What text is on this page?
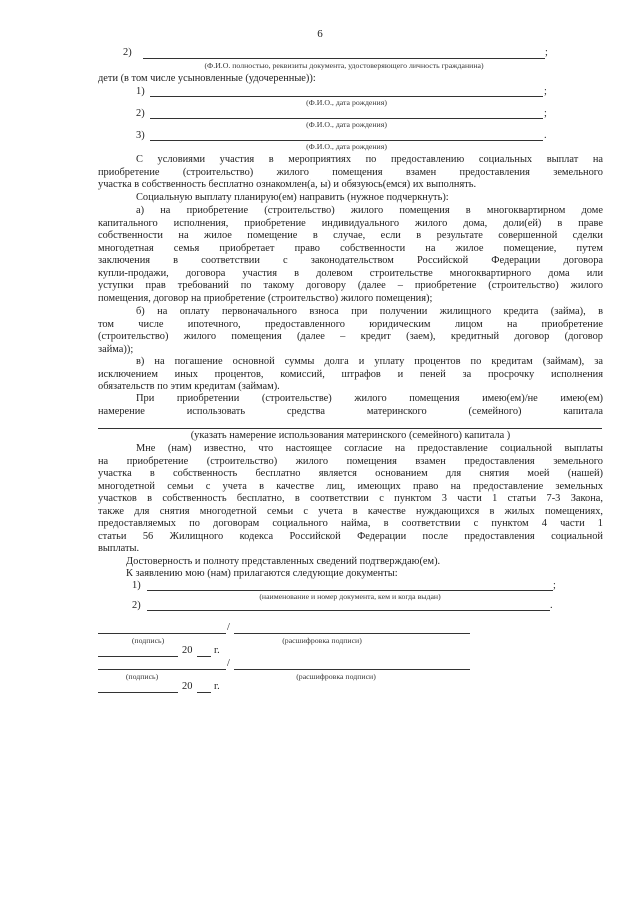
6
2)	;
(Ф.И.О. полностью, реквизиты документа, удостоверяющего личность гражданина)
дети (в том числе усыновленные (удочеренные)):
1)	;
(Ф.И.О., дата рождения)
2)	;
(Ф.И.О., дата рождения)
3)	.
(Ф.И.О., дата рождения)
С условиями участия в мероприятиях по предоставлению социальных выплат на
приобретение (строительство) жилого помещения взамен предоставления земельного
участка в собственность бесплатно ознакомлен(а, ы) и обязуюсь(емся) их выполнять.
Социальную выплату планирую(ем) направить (нужное подчеркнуть):
а) на приобретение (строительство) жилого помещения в многоквартирном доме
капитального исполнения, приобретение индивидуального жилого дома, доли(ей) в праве
собственности на жилое помещение в случае, если в результате совершенной сделки
многодетная семья приобретает право собственности на жилое помещение, путем
заключения в соответствии с законодательством Российской Федерации договора
купли-продажи, договора участия в долевом строительстве многоквартирного дома или
уступки прав требований по такому договору (далее – приобретение (строительство) жилого
помещения, договор на приобретение (строительство) жилого помещения);
б) на оплату первоначального взноса при получении жилищного кредита (займа), в
том числе ипотечного, предоставленного юридическим лицом на приобретение
(строительство) жилого помещения (далее – кредит (заем), кредитный договор (договор
займа));
в) на погашение основной суммы долга и уплату процентов по кредитам (займам), за
исключением иных процентов, комиссий, штрафов и пеней за просрочку исполнения
обязательств по этим кредитам (займам).
При приобретении (строительстве) жилого помещения имею(ем)/не имею(ем)
намерение использовать средства материнского (семейного) капитала
(указать намерение использования материнского (семейного) капитала )
Мне (нам) известно, что настоящее согласие на предоставление социальной выплаты
на приобретение (строительство) жилого помещения взамен предоставления земельного
участка в собственность бесплатно является основанием для снятия моей (нашей)
многодетной семьи с учета в качестве лиц, имеющих право на предоставление земельных
участков в собственность бесплатно, в соответствии с пунктом 3 части 1 статьи 7-3 Закона,
также для снятия многодетной семьи с учета в качестве нуждающихся в жилых помещениях,
предоставляемых по договорам социального найма, в соответствии с пунктом 4 части 1
статьи 56 Жилищного кодекса Российской Федерации после предоставления социальной
выплаты.
Достоверность и полноту представленных сведений подтверждаю(ем).
К заявлению мою (нам) прилагаются следующие документы:
1)	;
(наименование и номер документа, кем и когда выдан)
2)	.
/
(подпись)	(расшифровка подписи)
20 г.
/
(подпись)	(расшифровка подписи)
20 г.
